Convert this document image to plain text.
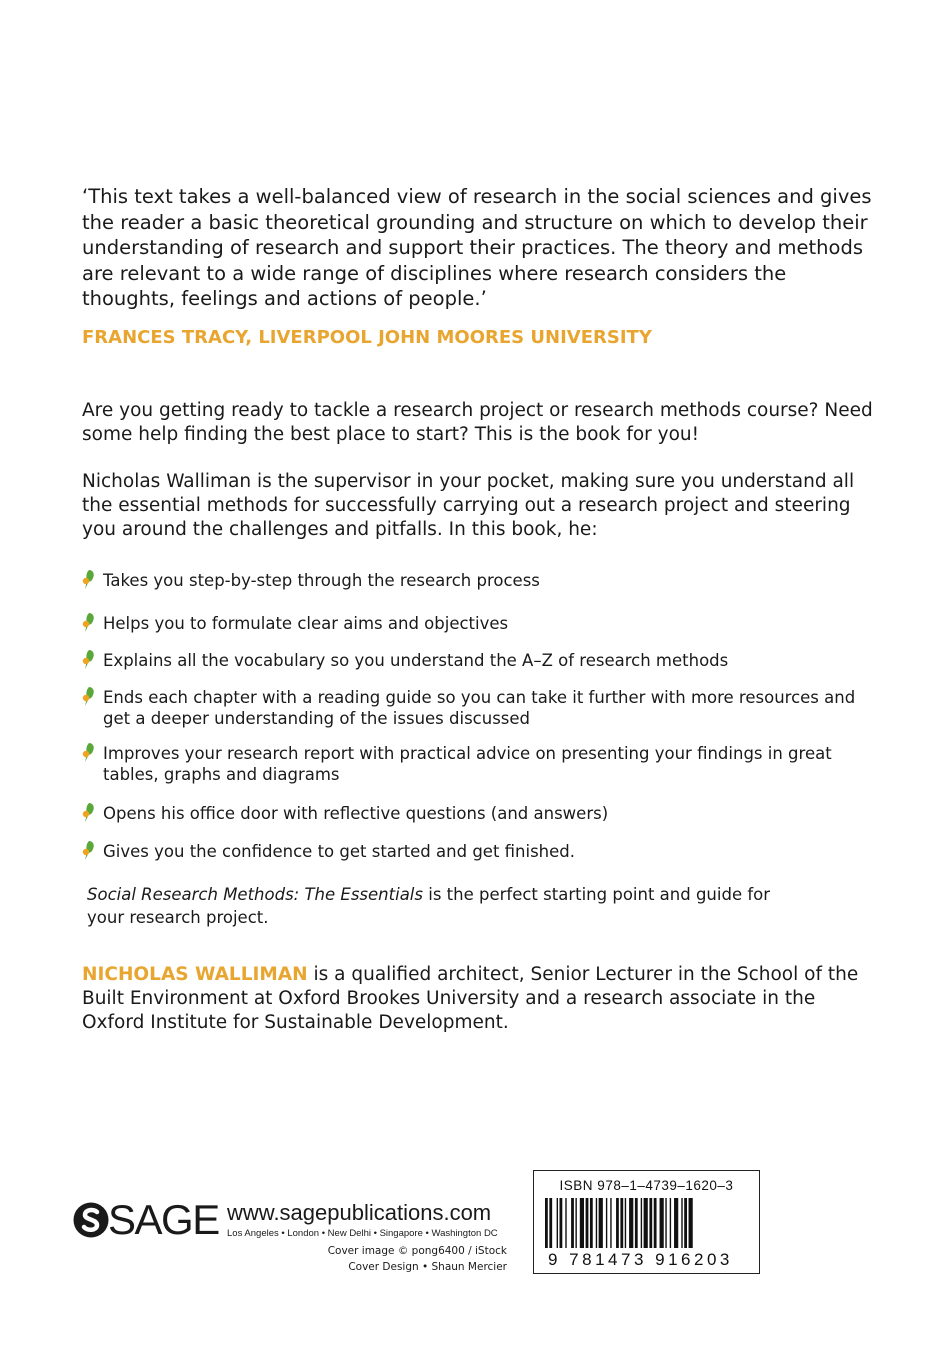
‘This text takes a well-balanced view of research in the social sciences and gives the reader a basic theoretical grounding and structure on which to develop their understanding of research and support their practices. The theory and methods are relevant to a wide range of disciplines where research considers the thoughts, feelings and actions of people.’

FRANCES TRACY, LIVERPOOL JOHN MOORES UNIVERSITY

Are you getting ready to tackle a research project or research methods course? Need some help finding the best place to start? This is the book for you!

Nicholas Walliman is the supervisor in your pocket, making sure you understand all the essential methods for successfully carrying out a research project and steering you around the challenges and pitfalls. In this book, he:

Takes you step-by-step through the research process
Helps you to formulate clear aims and objectives
Explains all the vocabulary so you understand the A–Z of research methods
Ends each chapter with a reading guide so you can take it further with more resources and get a deeper understanding of the issues discussed
Improves your research report with practical advice on presenting your findings in great tables, graphs and diagrams
Opens his office door with reflective questions (and answers)
Gives you the confidence to get started and get finished.

Social Research Methods: The Essentials is the perfect starting point and guide for your research project.

NICHOLAS WALLIMAN is a qualified architect, Senior Lecturer in the School of the Built Environment at Oxford Brookes University and a research associate in the Oxford Institute for Sustainable Development.

SAGE www.sagepublications.com
Los Angeles • London • New Delhi • Singapore • Washington DC
Cover image © pong6400 / iStock
Cover Design • Shaun Mercier
ISBN 978–1–4739–1620–3
9 781473 916203
